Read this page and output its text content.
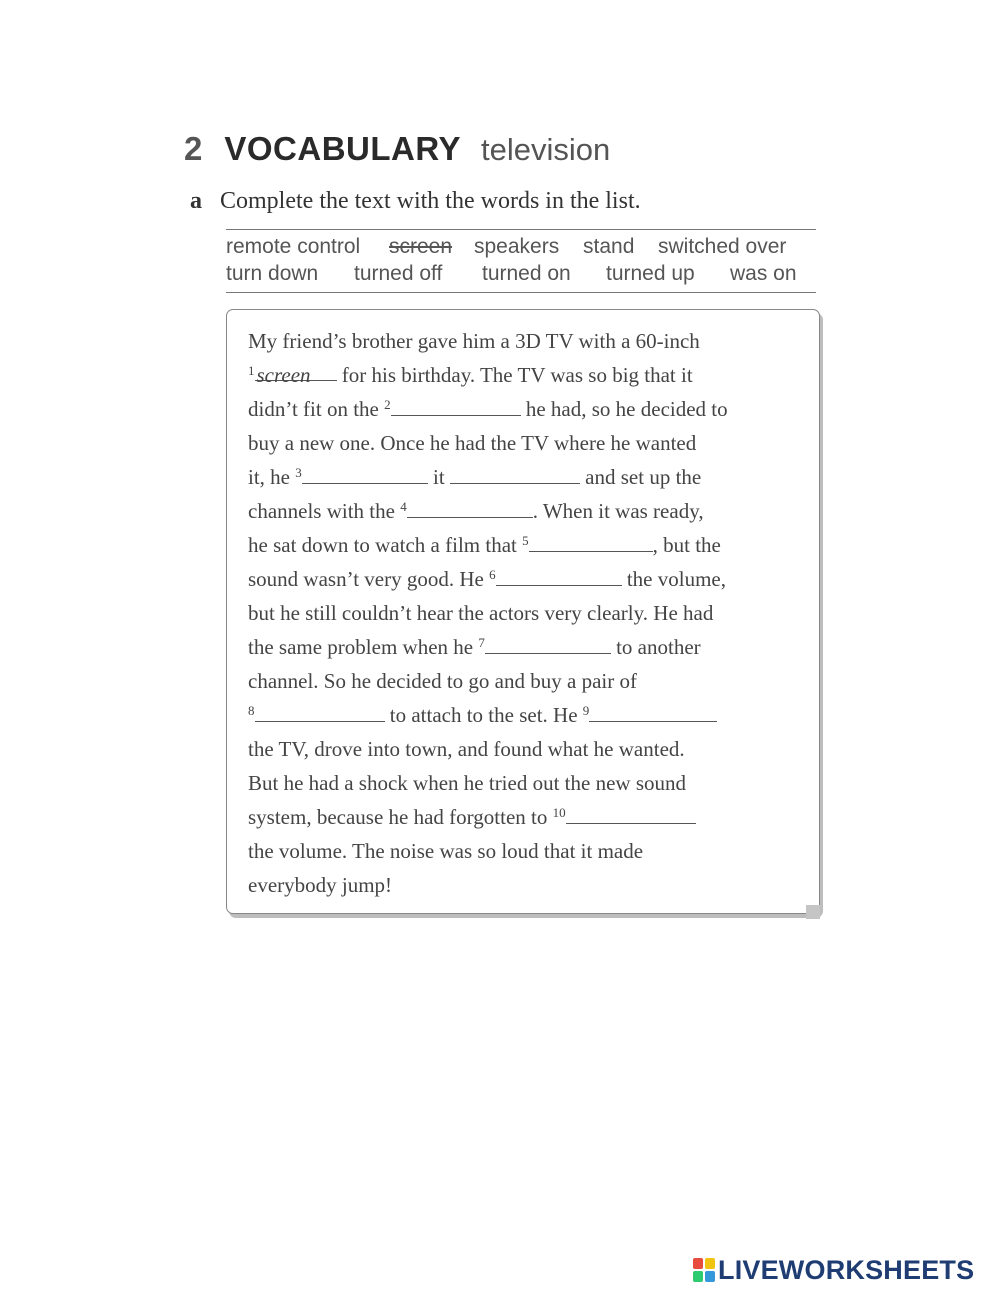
2 VOCABULARY television
a Complete the text with the words in the list.
remote control screen speakers stand switched over
turn down turned off turned on turned up was on
My friend’s brother gave him a 3D TV with a 60-inch
$^1$screen for his birthday. The TV was so big that it
didn’t fit on the $^2$	he had, so he decided to
buy a new one. Once he had the TV where he wanted
it, he $^3$	it	and set up the
channels with the $^4$	. When it was ready,
he sat down to watch a film that $^5$	, but the
sound wasn’t very good. He $^6$	the volume,
but he still couldn’t hear the actors very clearly. He had
the same problem when he $^7$	to another
channel. So he decided to go and buy a pair of
$^8$	to attach to the set. He $^9$
the TV, drove into town, and found what he wanted.
But he had a shock when he tried out the new sound
system, because he had forgotten to $^{10}$
the volume. The noise was so loud that it made
everybody jump!
LIVEWORKSHEETS
